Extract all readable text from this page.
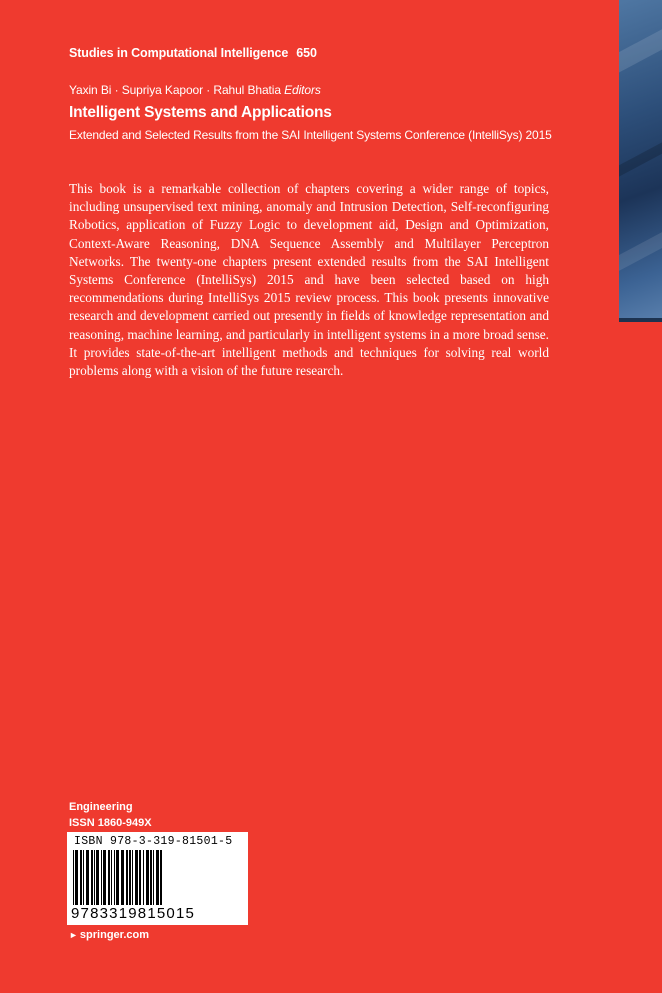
Studies in Computational Intelligence 650
Yaxin Bi · Supriya Kapoor · Rahul Bhatia Editors
Intelligent Systems and Applications
Extended and Selected Results from the SAI Intelligent Systems Conference (IntelliSys) 2015
This book is a remarkable collection of chapters covering a wider range of topics, including unsupervised text mining, anomaly and Intrusion Detection, Self-reconfiguring Robotics, application of Fuzzy Logic to development aid, Design and Optimization, Context-Aware Reasoning, DNA Sequence Assembly and Multilayer Perceptron Networks. The twenty-one chapters present extended results from the SAI Intelligent Systems Conference (IntelliSys) 2015 and have been selected based on high recommendations during IntelliSys 2015 review process. This book presents innovative research and development carried out presently in fields of knowledge representation and reasoning, machine learning, and particularly in intelligent systems in a more broad sense. It provides state-of-the-art intelligent methods and techniques for solving real world problems along with a vision of the future research.
Engineering
ISSN 1860-949X
ISBN 978-3-319-81501-5
9783319815015
► springer.com
